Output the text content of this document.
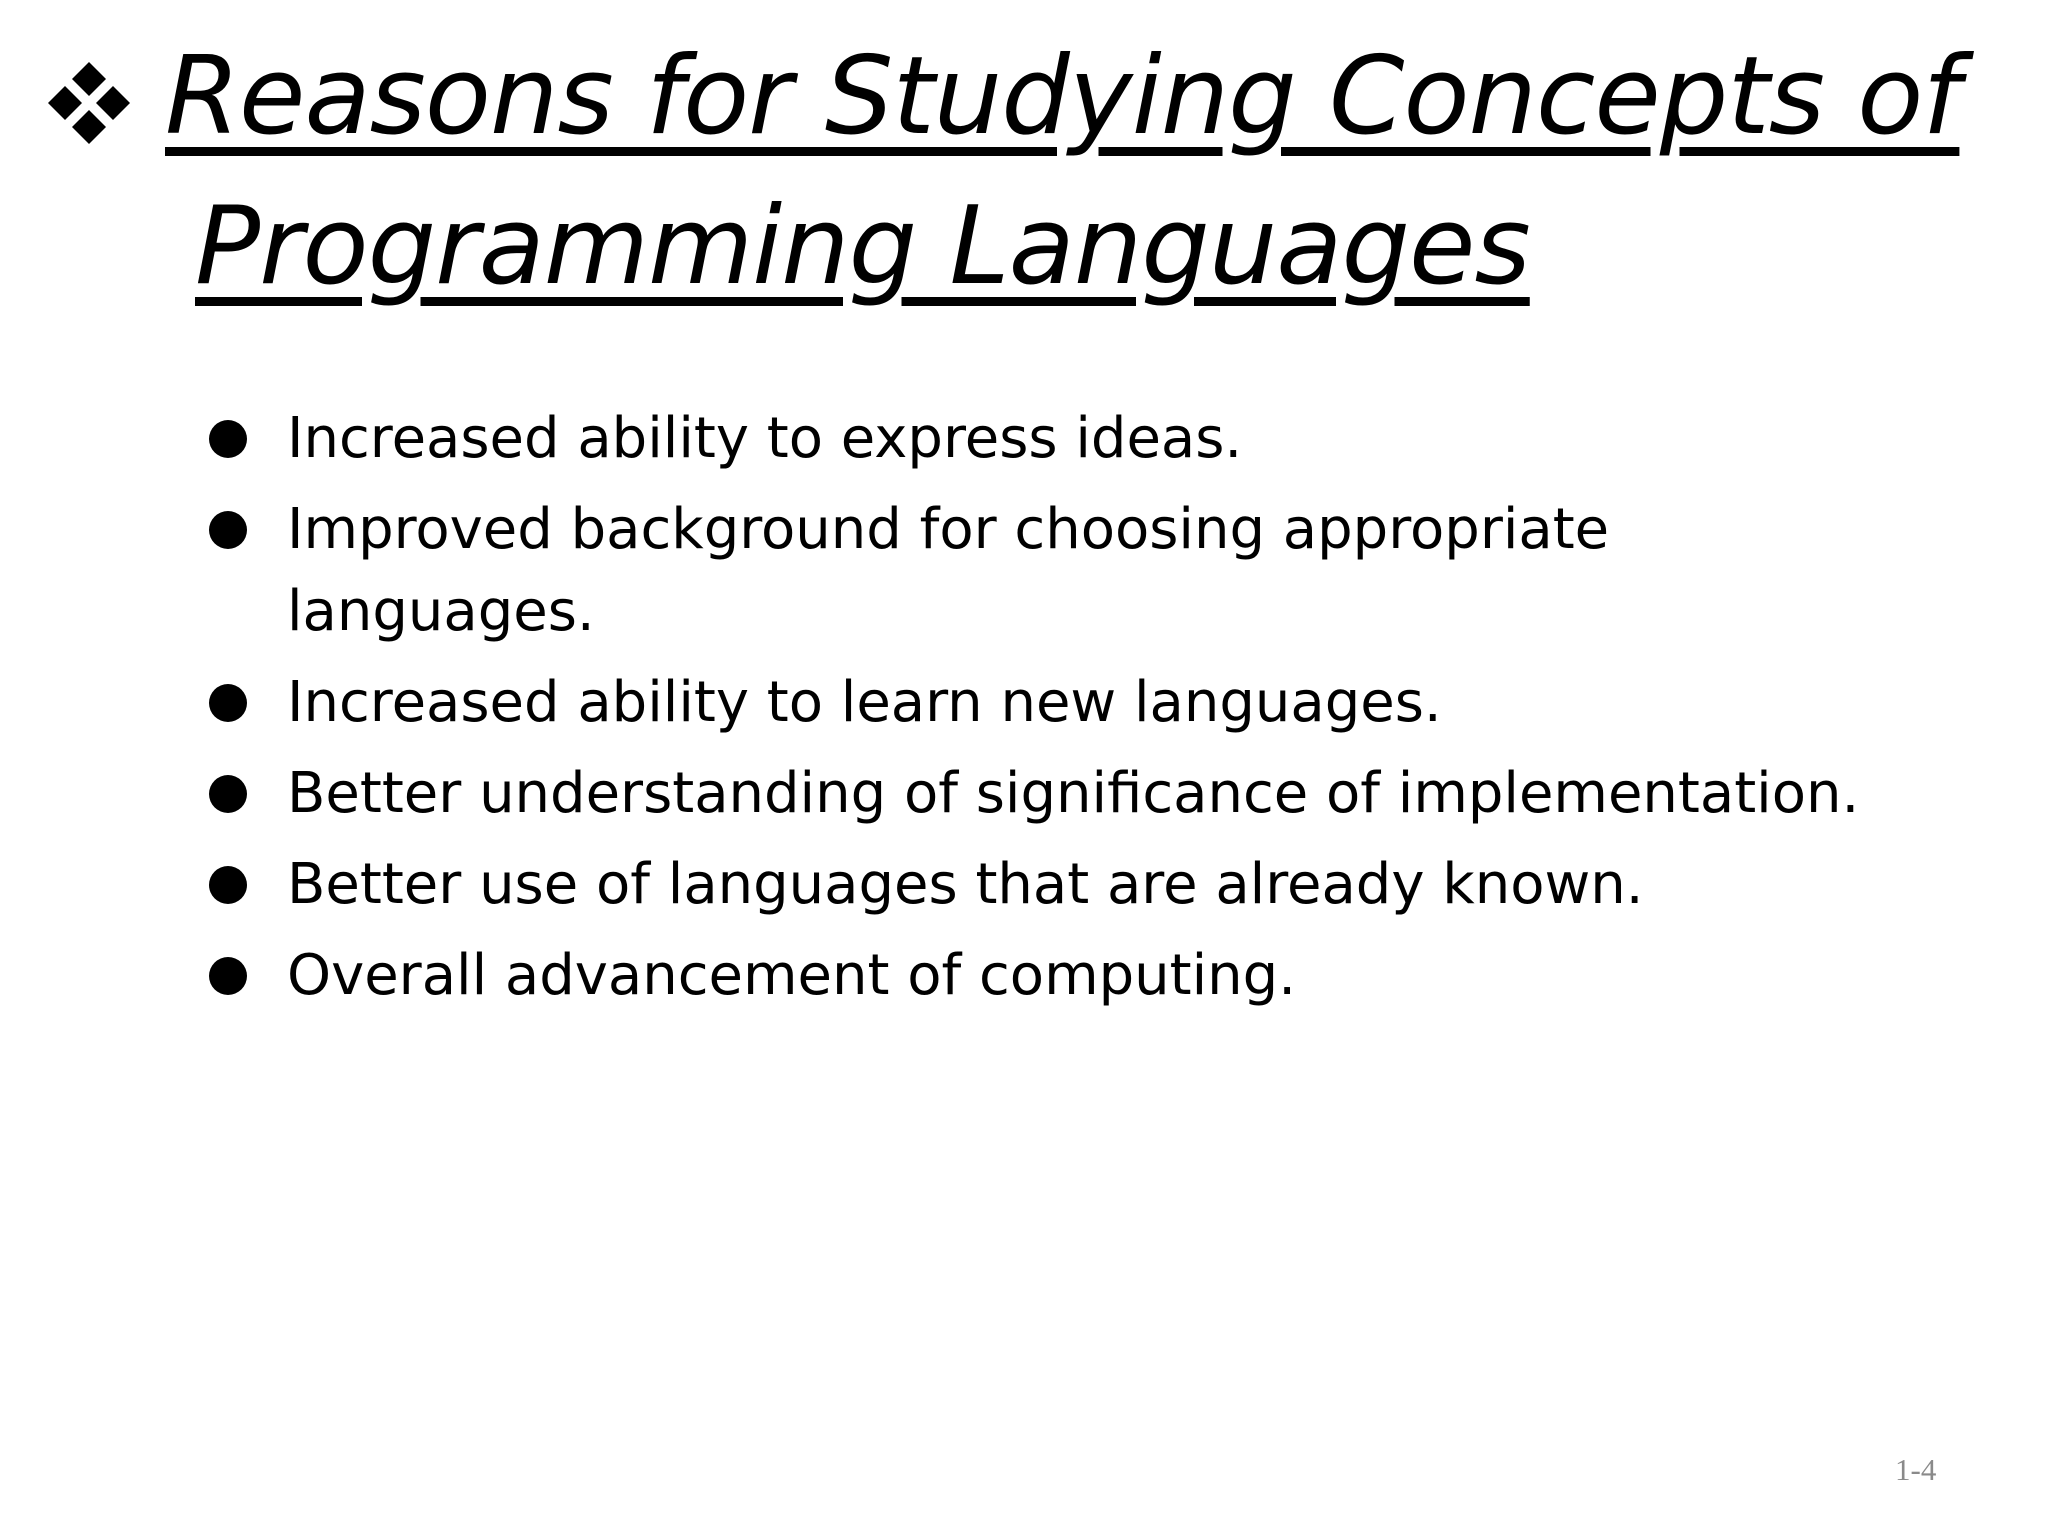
Reasons for Studying Concepts of
Programming Languages
Increased ability to express ideas.
Improved background for choosing appropriate languages.
Increased ability to learn new languages.
Better understanding of significance of implementation.
Better use of languages that are already known.
Overall advancement of computing.
1-4
